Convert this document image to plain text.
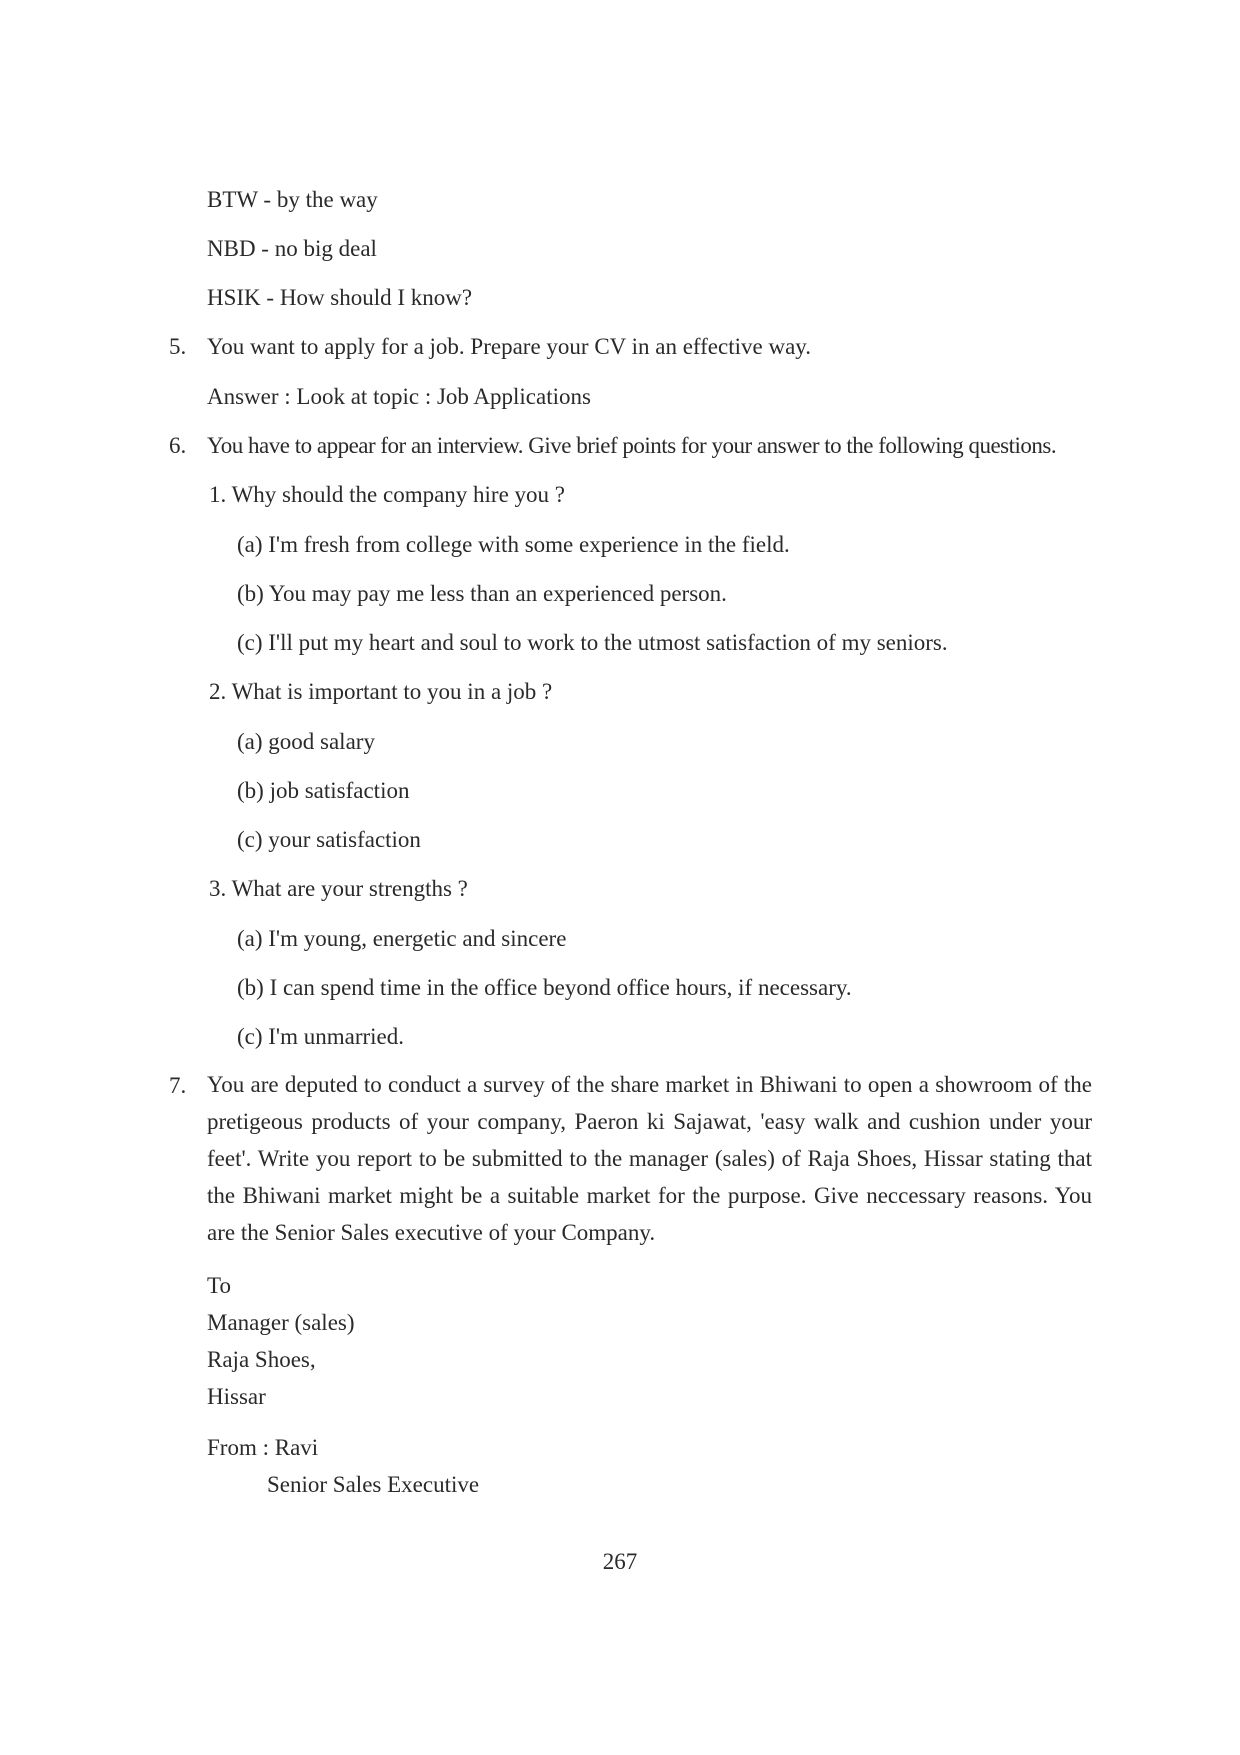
BTW - by the way
NBD - no big deal
HSIK - How should I know?
5. You want to apply for a job. Prepare your CV in an effective way.
Answer : Look at topic : Job Applications
6. You have to appear for an interview. Give brief points for your answer to the following questions.
1. Why should the company hire you ?
(a) I'm fresh from college with some experience in the field.
(b) You may pay me less than an experienced person.
(c) I'll put my heart and soul to work to the utmost satisfaction of my seniors.
2. What is important to you in a job ?
(a) good salary
(b) job satisfaction
(c) your satisfaction
3. What are your strengths ?
(a) I'm young, energetic and sincere
(b) I can spend time in the office beyond office hours, if necessary.
(c) I'm unmarried.
7. You are deputed to conduct a survey of the share market in Bhiwani to open a showroom of the pretigeous products of your company, Paeron ki Sajawat, 'easy walk and cushion under your feet'. Write you report to be submitted to the manager (sales) of Raja Shoes, Hissar stating that the Bhiwani market might be a suitable market for the purpose. Give neccessary reasons. You are the Senior Sales executive of your Company.
To
Manager (sales)
Raja Shoes,
Hissar
From : Ravi
Senior Sales Executive
267
